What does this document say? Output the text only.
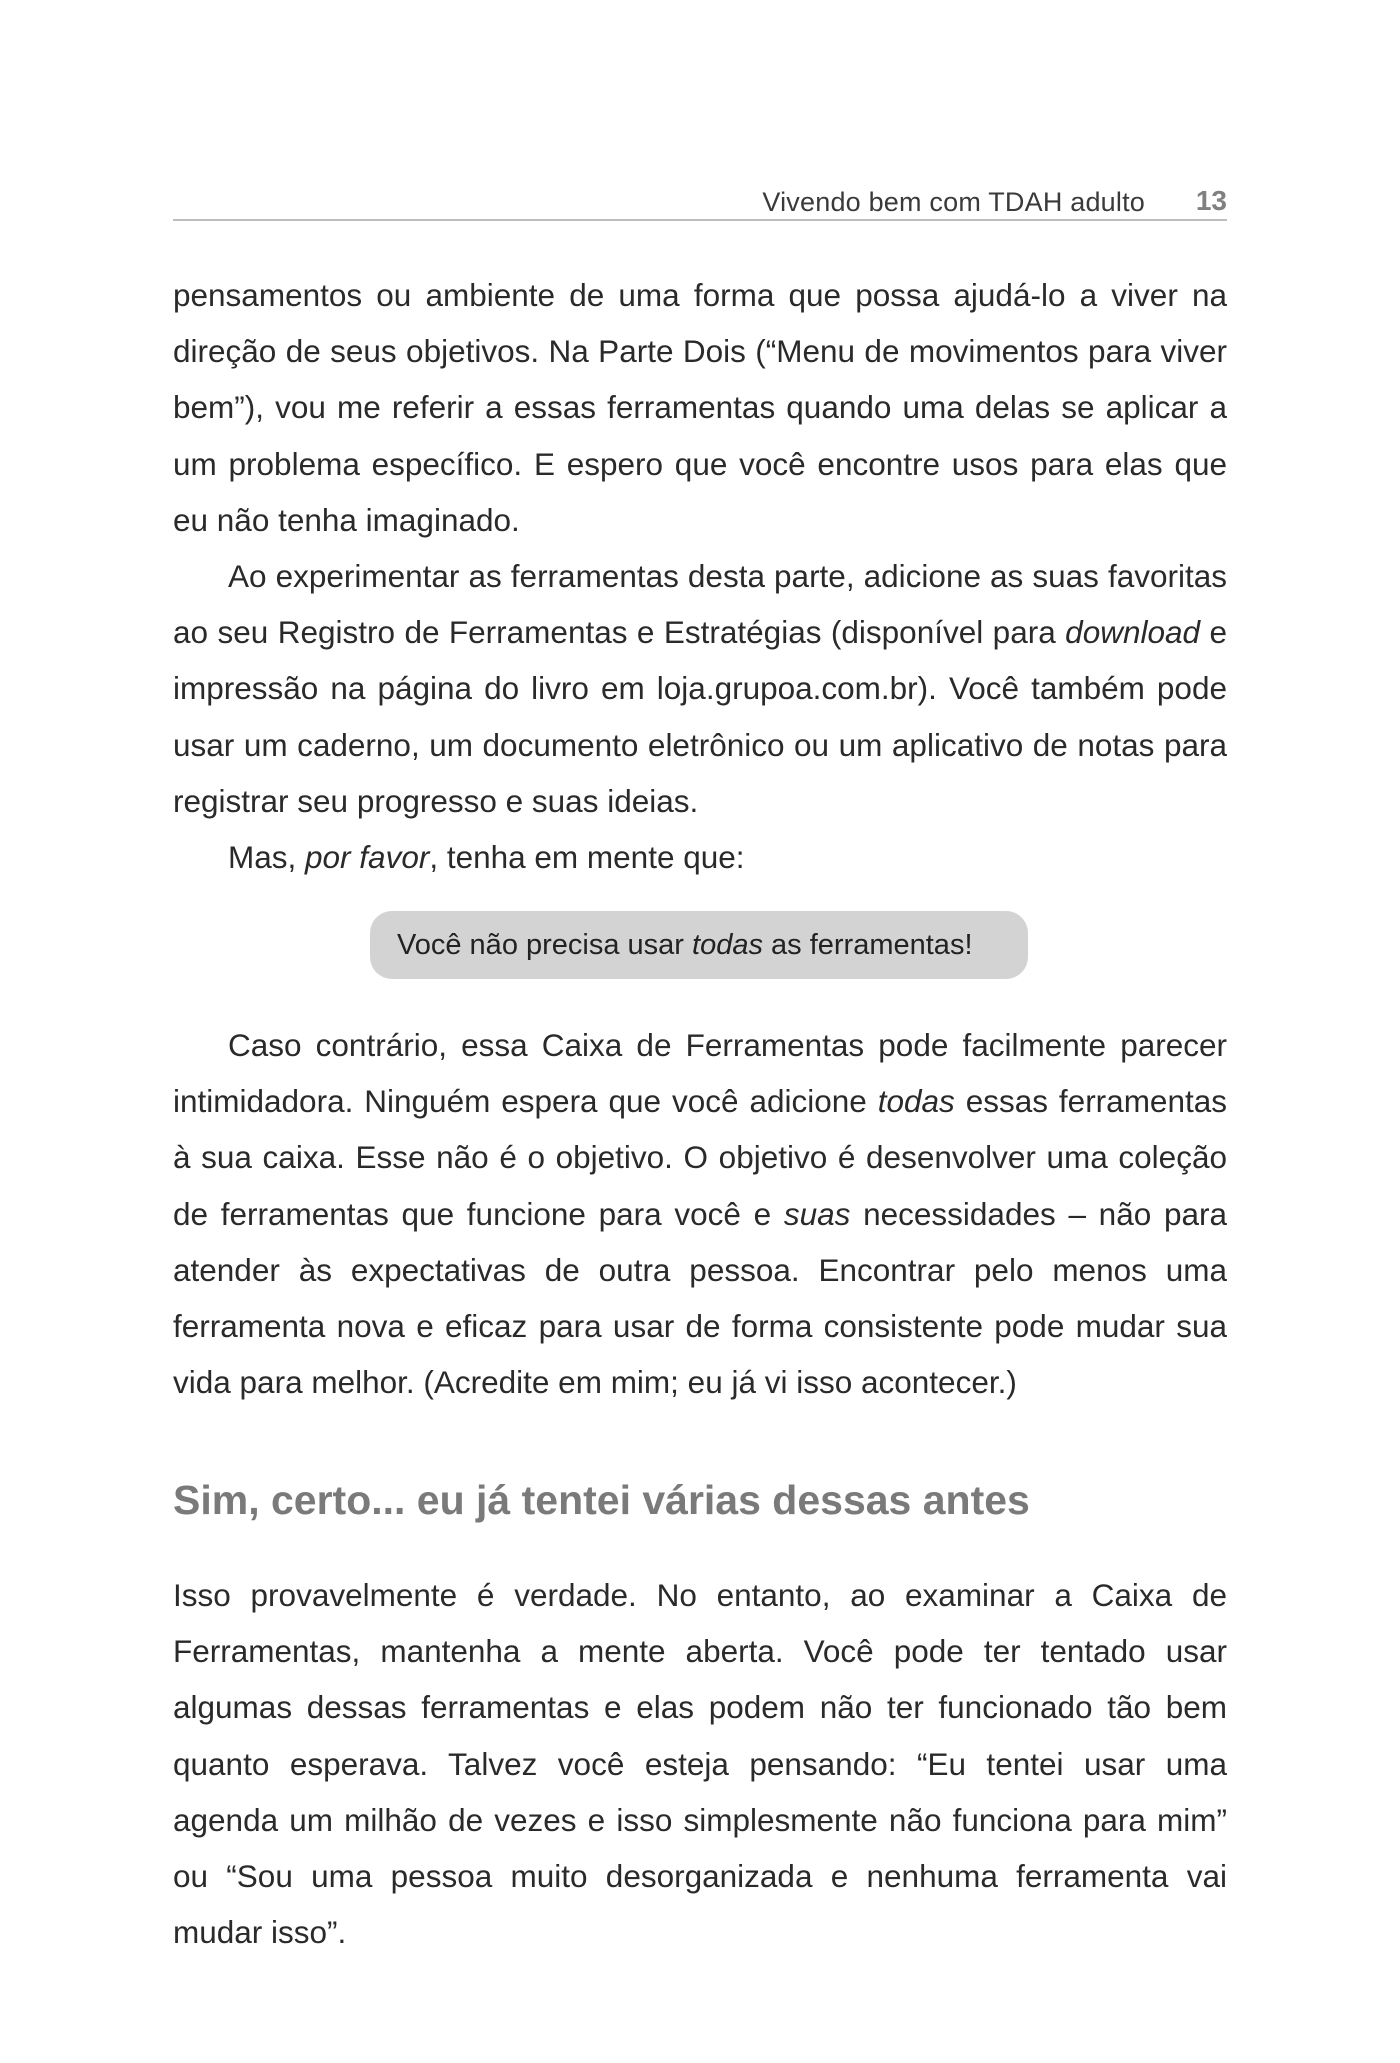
Vivendo bem com TDAH adulto 13

pensamentos ou ambiente de uma forma que possa ajudá-lo a viver na direção de seus objetivos. Na Parte Dois (“Menu de movimentos para viver bem”), vou me referir a essas ferramentas quando uma delas se aplicar a um problema específico. E espero que você encontre usos para elas que eu não tenha imaginado.

Ao experimentar as ferramentas desta parte, adicione as suas favoritas ao seu Registro de Ferramentas e Estratégias (disponível para download e impressão na página do livro em loja.grupoa.com.br). Você também pode usar um caderno, um documento eletrônico ou um aplicativo de notas para registrar seu progresso e suas ideias.

Mas, por favor, tenha em mente que:

Você não precisa usar todas as ferramentas!

Caso contrário, essa Caixa de Ferramentas pode facilmente parecer intimidadora. Ninguém espera que você adicione todas essas ferramentas à sua caixa. Esse não é o objetivo. O objetivo é desenvolver uma coleção de ferramentas que funcione para você e suas necessidades – não para atender às expectativas de outra pessoa. Encontrar pelo menos uma ferramenta nova e eficaz para usar de forma consistente pode mudar sua vida para melhor. (Acredite em mim; eu já vi isso acontecer.)

Sim, certo... eu já tentei várias dessas antes

Isso provavelmente é verdade. No entanto, ao examinar a Caixa de Ferramentas, mantenha a mente aberta. Você pode ter tentado usar algumas dessas ferramentas e elas podem não ter funcionado tão bem quanto esperava. Talvez você esteja pensando: “Eu tentei usar uma agenda um milhão de vezes e isso simplesmente não funciona para mim” ou “Sou uma pessoa muito desorganizada e nenhuma ferramenta vai mudar isso”.
